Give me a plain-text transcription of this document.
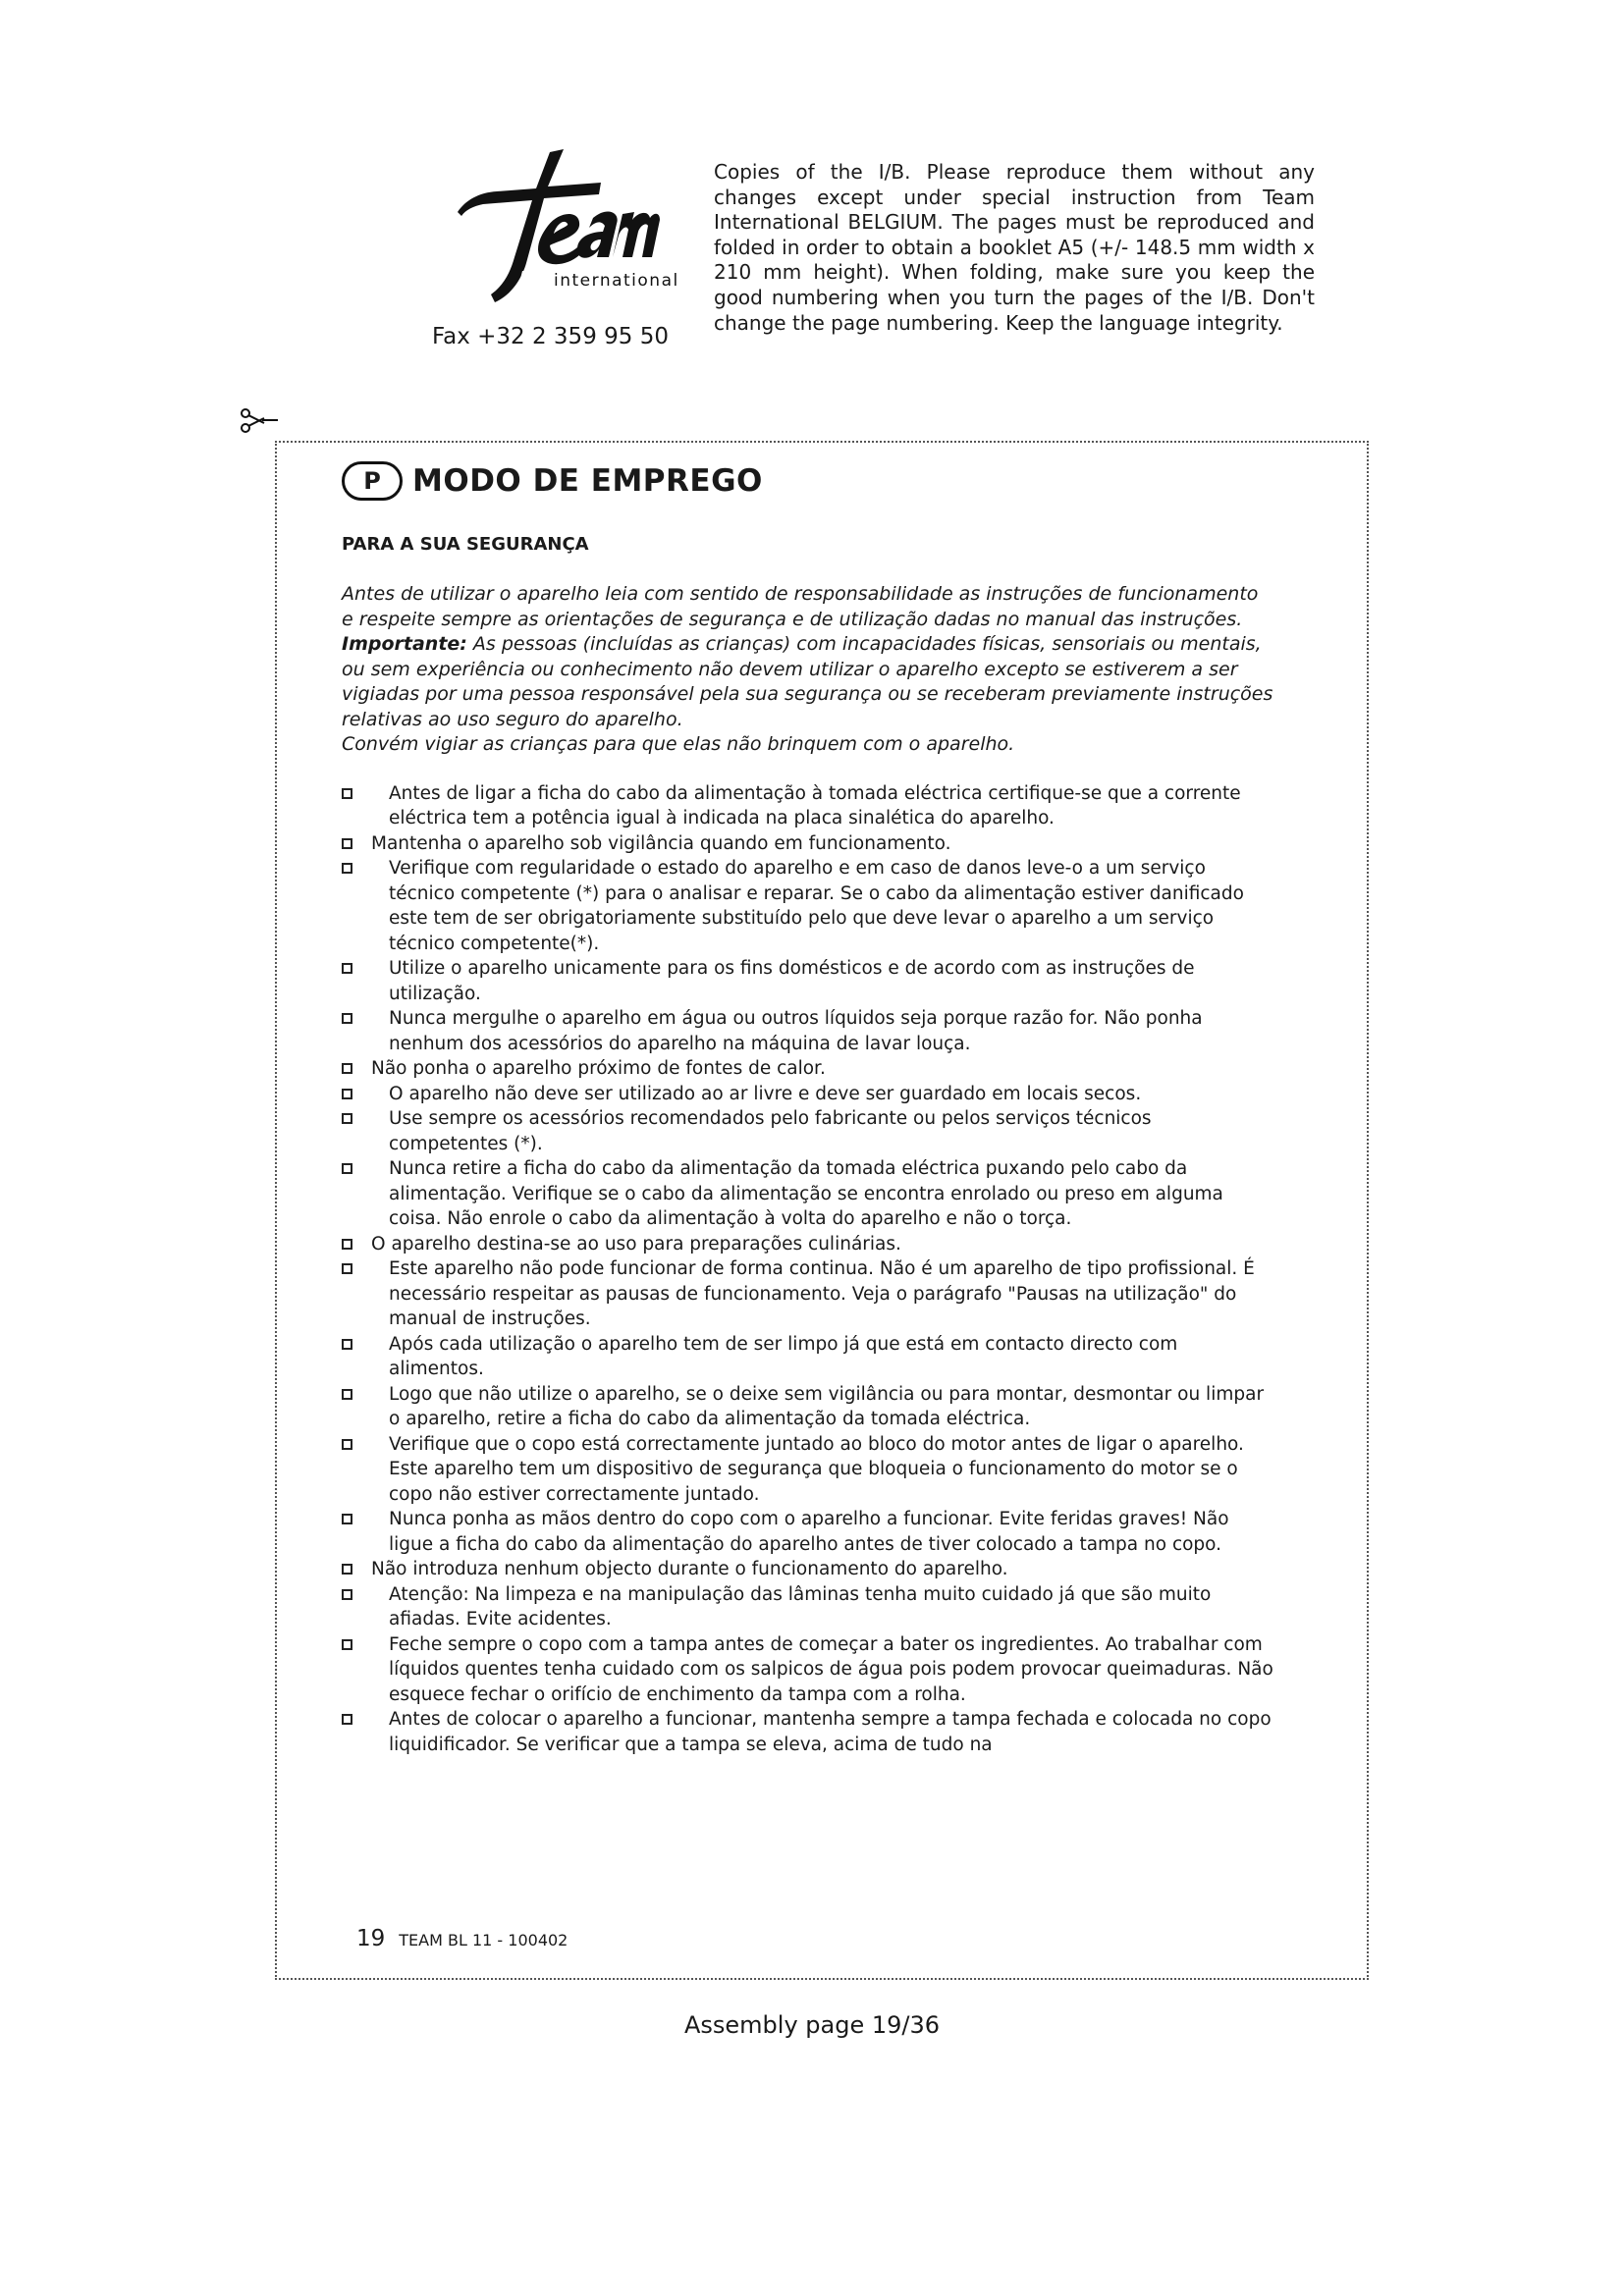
international
Fax +32 2 359 95 50

Copies of the I/B. Please reproduce them without any changes except under special instruction from Team International BELGIUM. The pages must be reproduced and folded in order to obtain a booklet A5 (+/- 148.5 mm width x 210 mm height). When folding, make sure you keep the good numbering when you turn the pages of the I/B. Don't change the page numbering. Keep the language integrity.

P	MODO DE EMPREGO
PARA A SUA SEGURANÇA

Antes de utilizar o aparelho leia com sentido de responsabilidade as instruções de funcionamento e respeite sempre as orientações de segurança e de utilização dadas no manual das instruções.

Importante: As pessoas (incluídas as crianças) com incapacidades físicas, sensoriais ou mentais, ou sem experiência ou conhecimento não devem utilizar o aparelho excepto se estiverem a ser vigiadas por uma pessoa responsável pela sua segurança ou se receberam previamente instruções relativas ao uso seguro do aparelho.

Convém vigiar as crianças para que elas não brinquem com o aparelho.

Antes de ligar a ficha do cabo da alimentação à tomada eléctrica certifique-se que a corrente eléctrica tem a potência igual à indicada na placa sinalética do aparelho.
Mantenha o aparelho sob vigilância quando em funcionamento.
Verifique com regularidade o estado do aparelho e em caso de danos leve-o a um serviço técnico competente (*) para o analisar e reparar. Se o cabo da alimentação estiver danificado este tem de ser obrigatoriamente substituído pelo que deve levar o aparelho a um serviço técnico competente(*).
Utilize o aparelho unicamente para os fins domésticos e de acordo com as instruções de utilização.
Nunca mergulhe o aparelho em água ou outros líquidos seja porque razão for. Não ponha nenhum dos acessórios do aparelho na máquina de lavar louça.
Não ponha o aparelho próximo de fontes de calor.
O aparelho não deve ser utilizado ao ar livre e deve ser guardado em locais secos.
Use sempre os acessórios recomendados pelo fabricante ou pelos serviços técnicos competentes (*).
Nunca retire a ficha do cabo da alimentação da tomada eléctrica puxando pelo cabo da alimentação. Verifique se o cabo da alimentação se encontra enrolado ou preso em alguma coisa. Não enrole o cabo da alimentação à volta do aparelho e não o torça.
O aparelho destina-se ao uso para preparações culinárias.
Este aparelho não pode funcionar de forma continua. Não é um aparelho de tipo profissional. É necessário respeitar as pausas de funcionamento. Veja o parágrafo "Pausas na utilização" do manual de instruções.
Após cada utilização o aparelho tem de ser limpo já que está em contacto directo com alimentos.
Logo que não utilize o aparelho, se o deixe sem vigilância ou para montar, desmontar ou limpar o aparelho, retire a ficha do cabo da alimentação da tomada eléctrica.
Verifique que o copo está correctamente juntado ao bloco do motor antes de ligar o aparelho. Este aparelho tem um dispositivo de segurança que bloqueia o funcionamento do motor se o copo não estiver correctamente juntado.
Nunca ponha as mãos dentro do copo com o aparelho a funcionar. Evite feridas graves! Não ligue a ficha do cabo da alimentação do aparelho antes de tiver colocado a tampa no copo.
Não introduza nenhum objecto durante o funcionamento do aparelho.
Atenção: Na limpeza e na manipulação das lâminas tenha muito cuidado já que são muito afiadas. Evite acidentes.
Feche sempre o copo com a tampa antes de começar a bater os ingredientes. Ao trabalhar com líquidos quentes tenha cuidado com os salpicos de água pois podem provocar queimaduras. Não esquece fechar o orifício de enchimento da tampa com a rolha.
Antes de colocar o aparelho a funcionar, mantenha sempre a tampa fechada e colocada no copo liquidificador. Se verificar que a tampa se eleva, acima de tudo na
19 TEAM BL 11 - 100402
Assembly page 19/36
